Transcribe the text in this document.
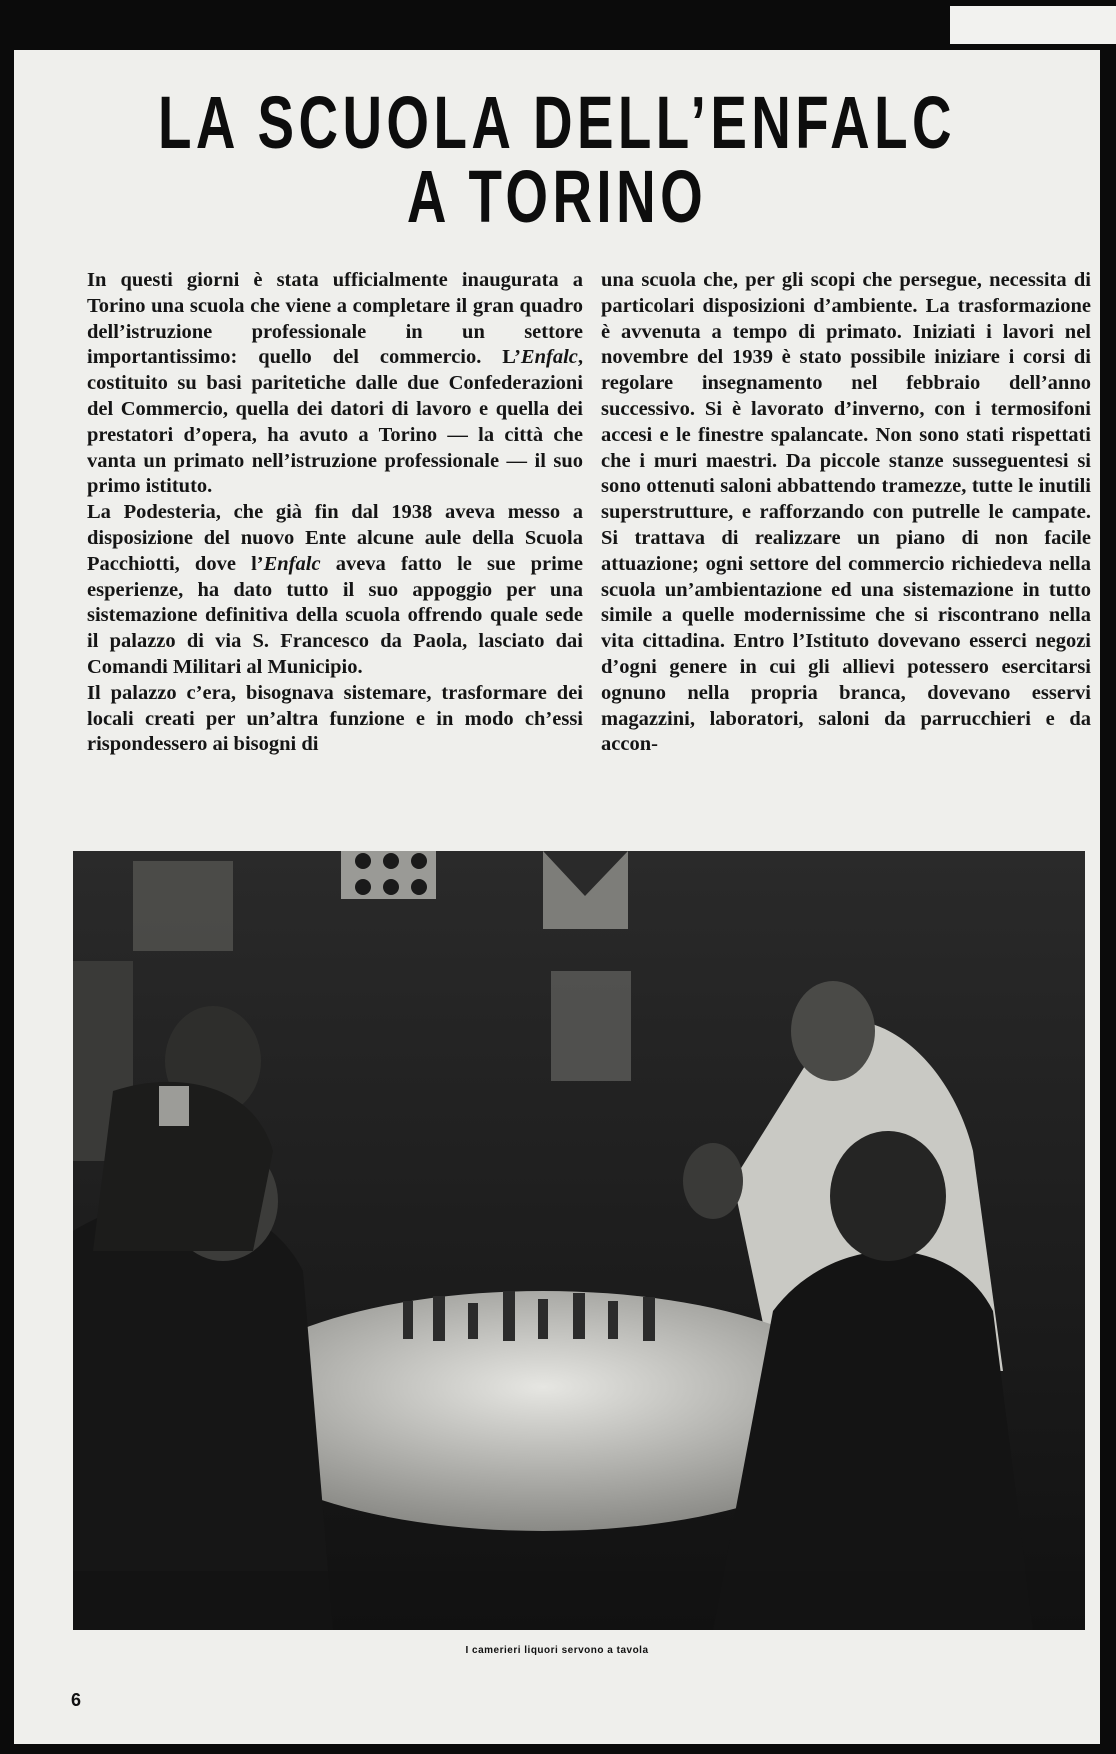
LA SCUOLA DELL’ENFALC A TORINO

In questi giorni è stata ufficialmente inaugurata a Torino una scuola che viene a completare il gran quadro dell’istruzione professionale in un settore importantissimo: quello del commercio. L’Enfalc, costituito su basi paritetiche dalle due Confederazioni del Commercio, quella dei datori di lavoro e quella dei prestatori d’opera, ha avuto a Torino — la città che vanta un primato nell’istruzione professionale — il suo primo istituto.

La Podesteria, che già fin dal 1938 aveva messo a disposizione del nuovo Ente alcune aule della Scuola Pacchiotti, dove l’Enfalc aveva fatto le sue prime esperienze, ha dato tutto il suo appoggio per una sistemazione definitiva della scuola offrendo quale sede il palazzo di via S. Francesco da Paola, lasciato dai Comandi Militari al Municipio.

Il palazzo c’era, bisognava sistemare, trasformare dei locali creati per un’altra funzione e in modo ch’essi rispondessero ai bisogni di

una scuola che, per gli scopi che persegue, necessita di particolari disposizioni d’ambiente. La trasformazione è avvenuta a tempo di primato. Iniziati i lavori nel novembre del 1939 è stato possibile iniziare i corsi di regolare insegnamento nel febbraio dell’anno successivo. Si è lavorato d’inverno, con i termosifoni accesi e le finestre spalancate. Non sono stati rispettati che i muri maestri. Da piccole stanze susseguentesi si sono ottenuti saloni abbattendo tramezze, tutte le inutili superstrutture, e rafforzando con putrelle le campate. Si trattava di realizzare un piano di non facile attuazione; ogni settore del commercio richiedeva nella scuola un’ambientazione ed una sistemazione in tutto simile a quelle modernissime che si riscontrano nella vita cittadina. Entro l’Istituto dovevano esserci negozi d’ogni genere in cui gli allievi potessero esercitarsi ognuno nella propria branca, dovevano esservi magazzini, laboratori, saloni da parrucchieri e da accon-

I camerieri liquori servono a tavola

6
